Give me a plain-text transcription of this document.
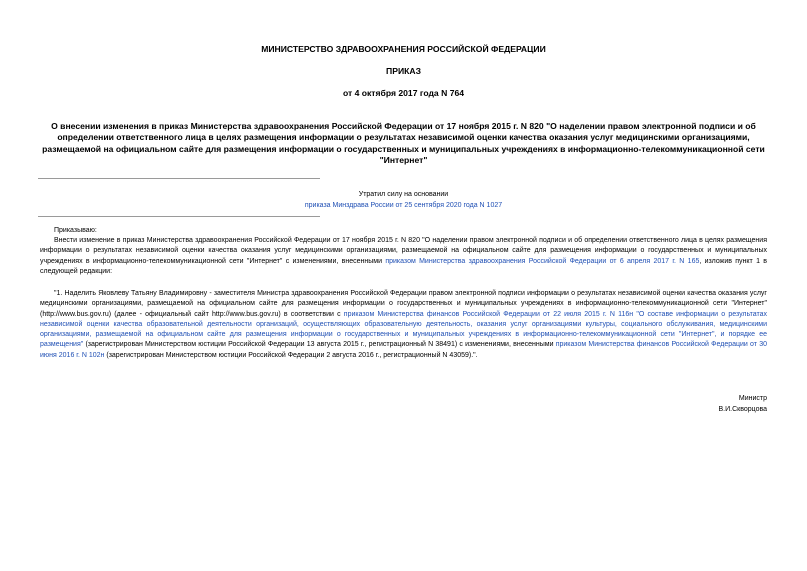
МИНИСТЕРСТВО ЗДРАВООХРАНЕНИЯ РОССИЙСКОЙ ФЕДЕРАЦИИ
ПРИКАЗ
от 4 октября 2017 года N 764
О внесении изменения в приказ Министерства здравоохранения Российской Федерации от 17 ноября 2015 г. N 820 "О наделении правом электронной подписи и об определении ответственного лица в целях размещения информации о результатах независимой оценки качества оказания услуг медицинскими организациями, размещаемой на официальном сайте для размещения информации о государственных и муниципальных учреждениях в информационно-телекоммуникационной сети "Интернет"
Утратил силу на основании
приказа Минздрава России от 25 сентября 2020 года N 1027
Приказываю:
Внести изменение в приказ Министерства здравоохранения Российской Федерации от 17 ноября 2015 г. N 820 "О наделении правом электронной подписи и об определении ответственного лица в целях размещения информации о результатах независимой оценки качества оказания услуг медицинскими организациями, размещаемой на официальном сайте для размещения информации о государственных и муниципальных учреждениях в информационно-телекоммуникационной сети "Интернет" с изменениями, внесенными приказом Министерства здравоохранения Российской Федерации от 6 апреля 2017 г. N 165, изложив пункт 1 в следующей редакции:
"1. Наделить Яковлеву Татьяну Владимировну - заместителя Министра здравоохранения Российской Федерации правом электронной подписи информации о результатах независимой оценки качества оказания услуг медицинскими организациями, размещаемой на официальном сайте для размещения информации о государственных и муниципальных учреждениях в информационно-телекоммуникационной сети "Интернет" (http://www.bus.gov.ru) (далее - официальный сайт http://www.bus.gov.ru) в соответствии с приказом Министерства финансов Российской Федерации от 22 июля 2015 г. N 116н "О составе информации о результатах независимой оценки качества образовательной деятельности организаций, осуществляющих образовательную деятельность, оказания услуг организациями культуры, социального обслуживания, медицинскими организациями, размещаемой на официальном сайте для размещения информации о государственных и муниципальных учреждениях в информационно-телекоммуникационной сети "Интернет", и порядке ее размещения" (зарегистрирован Министерством юстиции Российской Федерации 13 августа 2015 г., регистрационный N 38491) с изменениями, внесенными приказом Министерства финансов Российской Федерации от 30 июня 2016 г. N 102н (зарегистрирован Министерством юстиции Российской Федерации 2 августа 2016 г., регистрационный N 43059).".
Министр
В.И.Скворцова
